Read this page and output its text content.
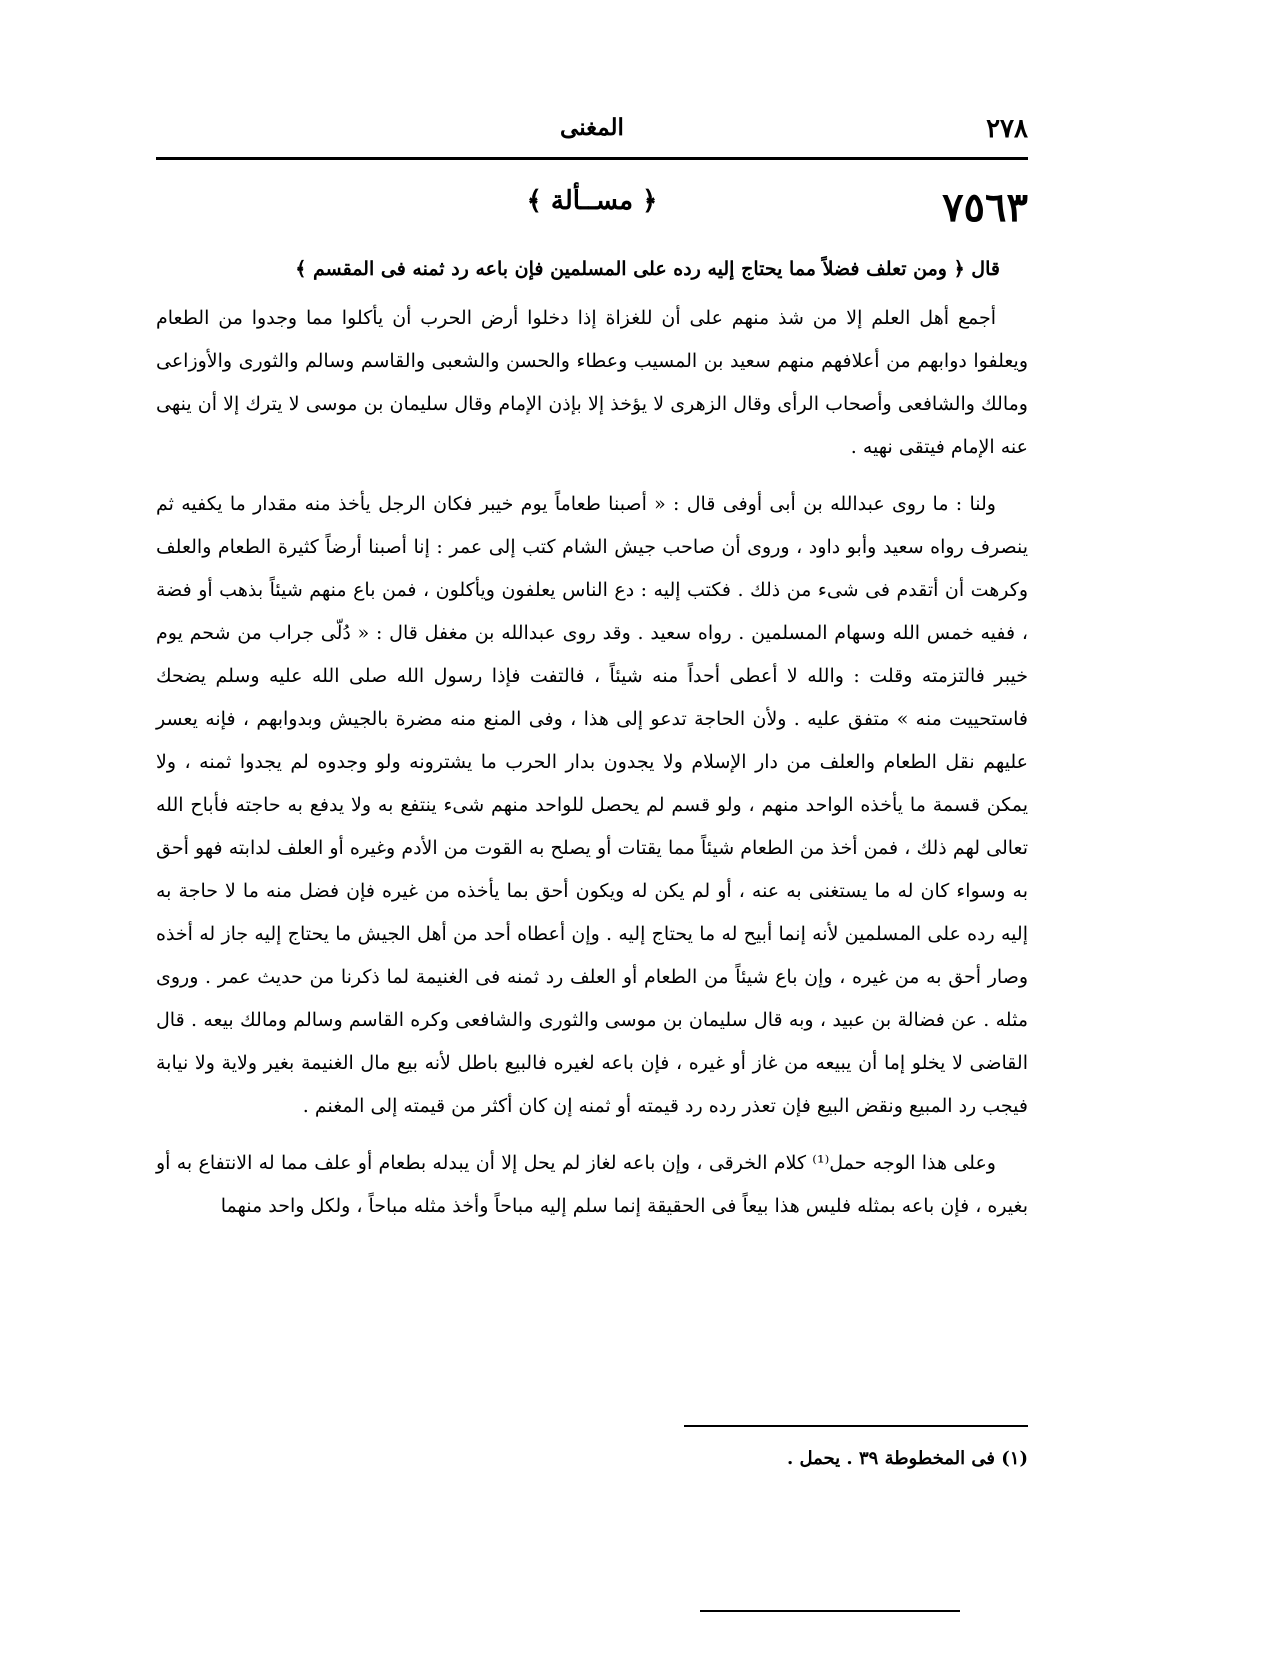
٢٧٨
المغنى
٧٥٦٣
﴿ مســألة ﴾

قال ﴿ ومن تعلف فضلاً مما يحتاج إليه رده على المسلمين فإن باعه رد ثمنه فى المقسم ﴾

أجمع أهل العلم إلا من شذ منهم على أن للغزاة إذا دخلوا أرض الحرب أن يأكلوا مما وجدوا من الطعام ويعلفوا دوابهم من أعلافهم منهم سعيد بن المسيب وعطاء والحسن والشعبى والقاسم وسالم والثورى والأوزاعى ومالك والشافعى وأصحاب الرأى وقال الزهرى لا يؤخذ إلا بإذن الإمام وقال سليمان بن موسى لا يترك إلا أن ينهى عنه الإمام فيتقى نهيه .

ولنا : ما روى عبدالله بن أبى أوفى قال : « أصبنا طعاماً يوم خيبر فكان الرجل يأخذ منه مقدار ما يكفيه ثم ينصرف رواه سعيد وأبو داود ، وروى أن صاحب جيش الشام كتب إلى عمر : إنا أصبنا أرضاً كثيرة الطعام والعلف وكرهت أن أتقدم فى شىء من ذلك . فكتب إليه : دع الناس يعلفون ويأكلون ، فمن باع منهم شيئاً بذهب أو فضة ، ففيه خمس الله وسهام المسلمين . رواه سعيد . وقد روى عبدالله بن مغفل قال : « دُلّى جراب من شحم يوم خيبر فالتزمته وقلت : والله لا أعطى أحداً منه شيئاً ، فالتفت فإذا رسول الله صلى الله عليه وسلم يضحك فاستحييت منه » متفق عليه . ولأن الحاجة تدعو إلى هذا ، وفى المنع منه مضرة بالجيش وبدوابهم ، فإنه يعسر عليهم نقل الطعام والعلف من دار الإسلام ولا يجدون بدار الحرب ما يشترونه ولو وجدوه لم يجدوا ثمنه ، ولا يمكن قسمة ما يأخذه الواحد منهم ، ولو قسم لم يحصل للواحد منهم شىء ينتفع به ولا يدفع به حاجته فأباح الله تعالى لهم ذلك ، فمن أخذ من الطعام شيئاً مما يقتات أو يصلح به القوت من الأدم وغيره أو العلف لدابته فهو أحق به وسواء كان له ما يستغنى به عنه ، أو لم يكن له ويكون أحق بما يأخذه من غيره فإن فضل منه ما لا حاجة به إليه رده على المسلمين لأنه إنما أبيح له ما يحتاج إليه . وإن أعطاه أحد من أهل الجيش ما يحتاج إليه جاز له أخذه وصار أحق به من غيره ، وإن باع شيئاً من الطعام أو العلف رد ثمنه فى الغنيمة لما ذكرنا من حديث عمر . وروى مثله . عن فضالة بن عبيد ، وبه قال سليمان بن موسى والثورى والشافعى وكره القاسم وسالم ومالك بيعه . قال القاضى لا يخلو إما أن يبيعه من غاز أو غيره ، فإن باعه لغيره فالبيع باطل لأنه بيع مال الغنيمة بغير ولاية ولا نيابة فيجب رد المبيع ونقض البيع فإن تعذر رده رد قيمته أو ثمنه إن كان أكثر من قيمته إلى المغنم .

وعلى هذا الوجه حمل⁽¹⁾ كلام الخرقى ، وإن باعه لغاز لم يحل إلا أن يبدله بطعام أو علف مما له الانتفاع به أو بغيره ، فإن باعه بمثله فليس هذا بيعاً فى الحقيقة إنما سلم إليه مباحاً وأخذ مثله مباحاً ، ولكل واحد منهما

(١) فى المخطوطة ٣٩ . يحمل .
